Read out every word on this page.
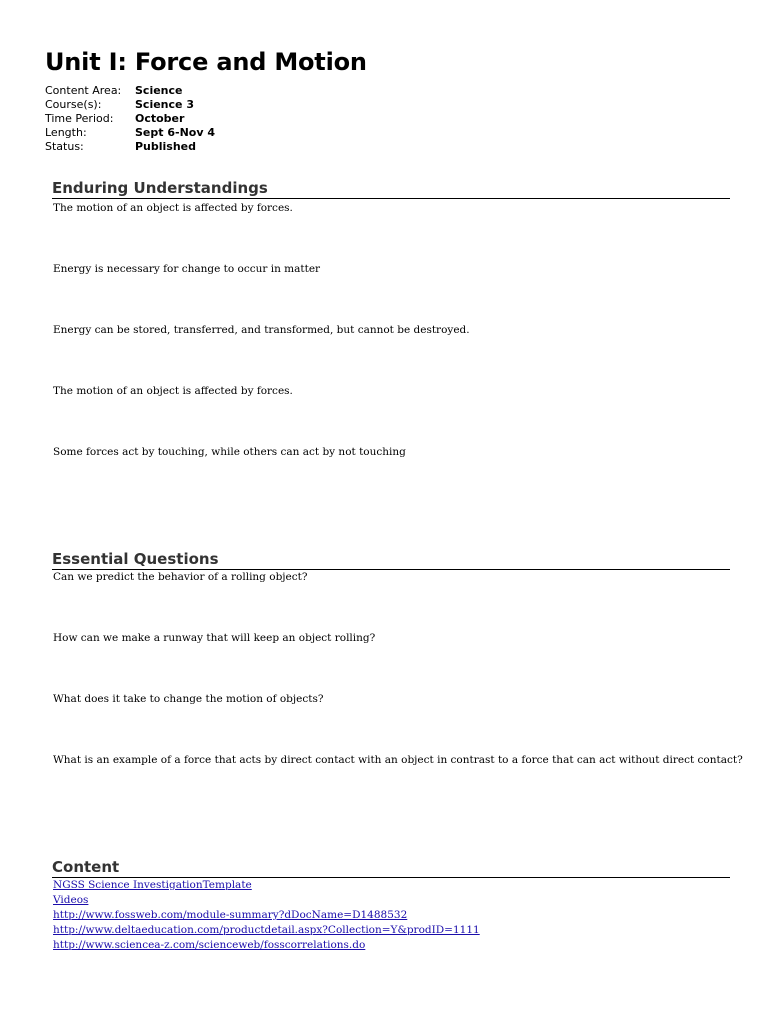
Unit I: Force and Motion
Content Area: Science
Course(s):	Science 3
Time Period: October
Length:	Sept 6-Nov 4
Status:	Published
Enduring Understandings
The motion of an object is affected by forces.
Energy is necessary for change to occur in matter
Energy can be stored, transferred, and transformed, but cannot be destroyed.
The motion of an object is affected by forces.
Some forces act by touching, while others can act by not touching
Essential Questions
Can we predict the behavior of a rolling object?
How can we make a runway that will keep an object rolling?
What does it take to change the motion of objects?
What is an example of a force that acts by direct contact with an object in contrast to a force that can act without direct contact?
Content
NGSS Science InvestigationTemplate
Videos
http://www.fossweb.com/module-summary?dDocName=D1488532
http://www.deltaeducation.com/productdetail.aspx?Collection=Y&prodID=1111
http://www.sciencea-z.com/scienceweb/fosscorrelations.do
